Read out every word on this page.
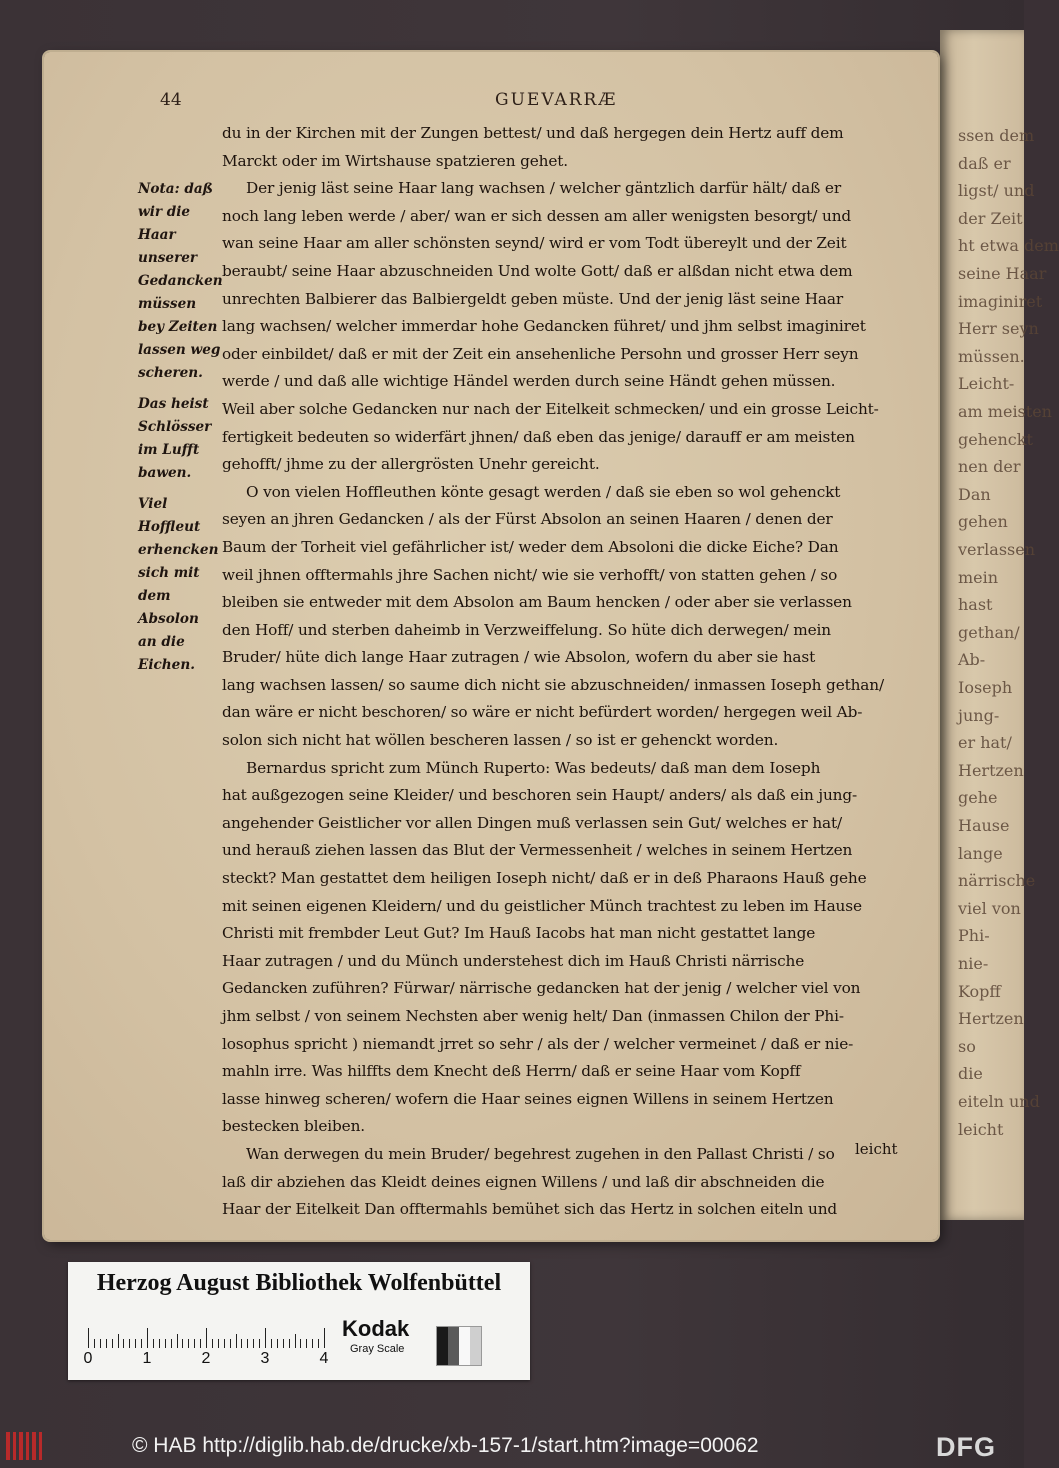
ssen dem
daß er
ligst/ und
der Zeit
ht etwa dem
seine Haar
imaginiret
Herr seyn
müssen.
Leicht-
am meisten
gehenckt
nen der
Dan
gehen
verlassen
mein
hast
gethan/
Ab-
Ioseph
jung-
er hat/
Hertzen
gehe
Hause
lange
närrische
viel von
Phi-
nie-
Kopff
Hertzen
so
die
eiteln und
leicht
44	GUEVARRÆ
Nota: daß wir die Haar unserer Gedancken müssen bey Zeiten lassen weg scheren.
Das heist Schlösser im Lufft bawen.
Viel Hoffleut erhencken sich mit dem Absolon an die Eichen.
du in der Kirchen mit der Zungen bettest/ und daß hergegen dein Hertz auff dem
Marckt oder im Wirtshause spatzieren gehet.
Der jenig läst seine Haar lang wachsen / welcher gäntzlich darfür hält/ daß er
noch lang leben werde / aber/ wan er sich dessen am aller wenigsten besorgt/ und
wan seine Haar am aller schönsten seynd/ wird er vom Todt übereylt und der Zeit
beraubt/ seine Haar abzuschneiden Und wolte Gott/ daß er alßdan nicht etwa dem
unrechten Balbierer das Balbiergeldt geben müste. Und der jenig läst seine Haar
lang wachsen/ welcher immerdar hohe Gedancken führet/ und jhm selbst imaginiret
oder einbildet/ daß er mit der Zeit ein ansehenliche Persohn und grosser Herr seyn
werde / und daß alle wichtige Händel werden durch seine Händt gehen müssen.
Weil aber solche Gedancken nur nach der Eitelkeit schmecken/ und ein grosse Leicht-
fertigkeit bedeuten so widerfärt jhnen/ daß eben das jenige/ darauff er am meisten
gehofft/ jhme zu der allergrösten Unehr gereicht.
O von vielen Hoffleuthen könte gesagt werden / daß sie eben so wol gehenckt
seyen an jhren Gedancken / als der Fürst Absolon an seinen Haaren / denen der
Baum der Torheit viel gefährlicher ist/ weder dem Absoloni die dicke Eiche? Dan
weil jhnen offtermahls jhre Sachen nicht/ wie sie verhofft/ von statten gehen / so
bleiben sie entweder mit dem Absolon am Baum hencken / oder aber sie verlassen
den Hoff/ und sterben daheimb in Verzweiffelung. So hüte dich derwegen/ mein
Bruder/ hüte dich lange Haar zutragen / wie Absolon, wofern du aber sie hast
lang wachsen lassen/ so saume dich nicht sie abzuschneiden/ inmassen Ioseph gethan/
dan wäre er nicht beschoren/ so wäre er nicht befürdert worden/ hergegen weil Ab-
solon sich nicht hat wöllen bescheren lassen / so ist er gehenckt worden.
Bernardus spricht zum Münch Ruperto: Was bedeuts/ daß man dem Ioseph
hat außgezogen seine Kleider/ und beschoren sein Haupt/ anders/ als daß ein jung-
angehender Geistlicher vor allen Dingen muß verlassen sein Gut/ welches er hat/
und herauß ziehen lassen das Blut der Vermessenheit / welches in seinem Hertzen
steckt? Man gestattet dem heiligen Ioseph nicht/ daß er in deß Pharaons Hauß gehe
mit seinen eigenen Kleidern/ und du geistlicher Münch trachtest zu leben im Hause
Christi mit frembder Leut Gut? Im Hauß Iacobs hat man nicht gestattet lange
Haar zutragen / und du Münch understehest dich im Hauß Christi närrische
Gedancken zuführen? Fürwar/ närrische gedancken hat der jenig / welcher viel von
jhm selbst / von seinem Nechsten aber wenig helt/ Dan (inmassen Chilon der Phi-
losophus spricht ) niemandt jrret so sehr / als der / welcher vermeinet / daß er nie-
mahln irre. Was hilffts dem Knecht deß Herrn/ daß er seine Haar vom Kopff
lasse hinweg scheren/ wofern die Haar seines eignen Willens in seinem Hertzen
bestecken bleiben.
Wan derwegen du mein Bruder/ begehrest zugehen in den Pallast Christi / so
laß dir abziehen das Kleidt deines eignen Willens / und laß dir abschneiden die
Haar der Eitelkeit Dan offtermahls bemühet sich das Hertz in solchen eiteln und
leicht
Herzog August Bibliothek Wolfenbüttel
0	1	2	3	4
Kodak
Gray Scale
© HAB http://diglib.hab.de/drucke/xb-157-1/start.htm?image=00062	DFG
